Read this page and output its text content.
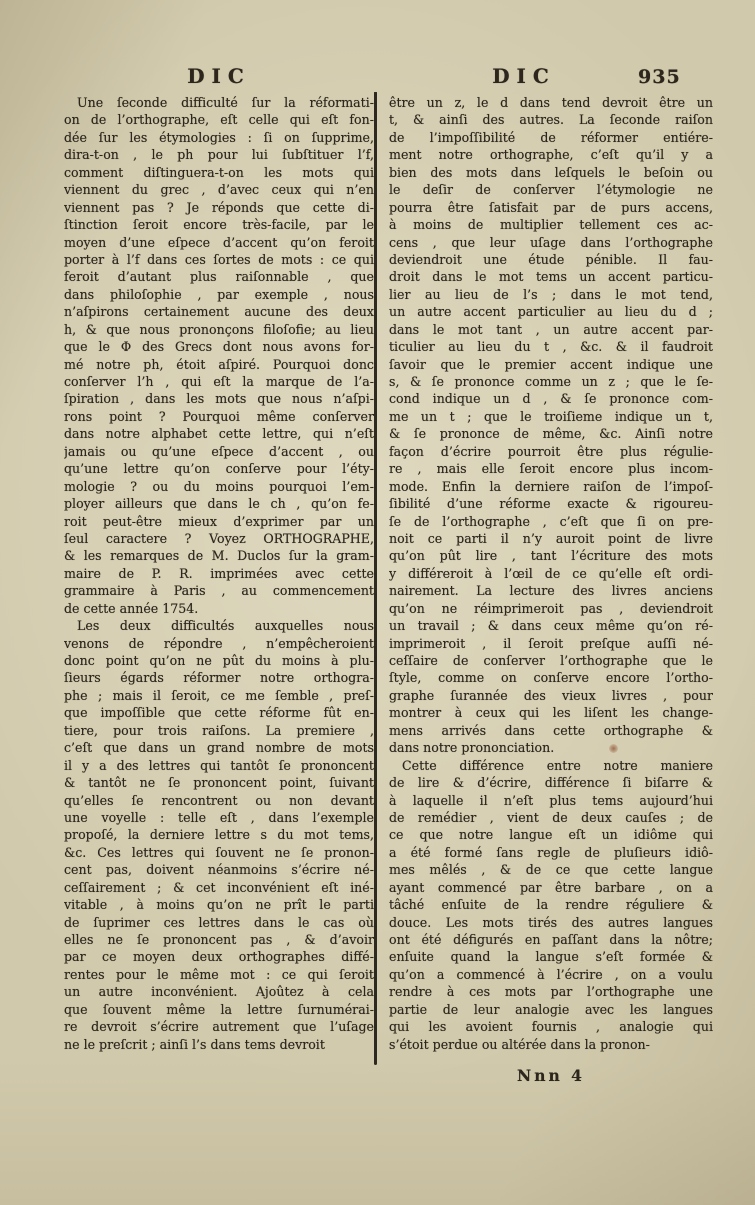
DIC	DIC	935
Une ſeconde difficulté ſur la réformati-
on de l’orthographe, eſt celle qui eſt fon-
dée ſur les étymologies : ſi on ſupprime,
dira-t-on , le ph pour lui ſubſtituer l’f,
comment diſtinguera-t-on les mots qui
viennent du grec , d’avec ceux qui n’en
viennent pas ? Je réponds que cette di-
ſtinction ſeroit encore très-facile, par le
moyen d’une eſpece d’accent qu’on feroit
porter à l’f dans ces ſortes de mots : ce qui
feroit d’autant plus raiſonnable , que
dans philoſophie , par exemple , nous
n’aſpirons certainement aucune des deux
h, & que nous prononçons filoſofie; au lieu
que le Φ des Grecs dont nous avons for-
mé notre ph, étoit aſpiré. Pourquoi donc
conſerver l’h , qui eſt la marque de l’a-
ſpiration , dans les mots que nous n’aſpi-
rons point ? Pourquoi même conſerver
dans notre alphabet cette lettre, qui n’eſt
jamais ou qu’une eſpece d’accent , ou
qu’une lettre qu’on conſerve pour l’éty-
mologie ? ou du moins pourquoi l’em-
ployer ailleurs que dans le ch , qu’on fe-
roit peut-être mieux d’exprimer par un
ſeul caractere ? Voyez ORTHOGRAPHE,
& les remarques de M. Duclos ſur la gram-
maire de P. R. imprimées avec cette
grammaire à Paris , au commencement
de cette année 1754.
Les deux difficultés auxquelles nous
venons de répondre , n’empêcheroient
donc point qu’on ne pût du moins à plu-
ſieurs égards réformer notre orthogra-
phe ; mais il ſeroit, ce me ſemble , preſ-
que impoſſible que cette réforme fût en-
tiere, pour trois raiſons. La premiere ,
c’eſt que dans un grand nombre de mots
il y a des lettres qui tantôt ſe prononcent
& tantôt ne ſe prononcent point, ſuivant
qu’elles ſe rencontrent ou non devant
une voyelle : telle eſt , dans l’exemple
propoſé, la derniere lettre s du mot tems,
&c. Ces lettres qui ſouvent ne ſe pronon-
cent pas, doivent néanmoins s’écrire né-
ceſſairement ; & cet inconvénient eſt iné-
vitable , à moins qu’on ne prît le parti
de ſuprimer ces lettres dans le cas où
elles ne ſe prononcent pas , & d’avoir
par ce moyen deux orthographes diffé-
rentes pour le même mot : ce qui ſeroit
un autre inconvénient. Ajoûtez à cela
que ſouvent même la lettre ſurnumérai-
re devroit s’écrire autrement que l’uſage
ne le preſcrit ; ainſi l’s dans tems devroit
être un z, le d dans tend devroit être un
t, & ainſi des autres. La ſeconde raiſon
de l’impoſſibilité de réformer entiére-
ment notre orthographe, c’eſt qu’il y a
bien des mots dans leſquels le beſoin ou
le deſir de conſerver l’étymologie ne
pourra être ſatisfait par de purs accens,
à moins de multiplier tellement ces ac-
cens , que leur uſage dans l’orthographe
deviendroit une étude pénible. Il fau-
droit dans le mot tems un accent particu-
lier au lieu de l’s ; dans le mot tend,
un autre accent particulier au lieu du d ;
dans le mot tant , un autre accent par-
ticulier au lieu du t , &c. & il faudroit
ſavoir que le premier accent indique une
s, & ſe prononce comme un z ; que le ſe-
cond indique un d , & ſe prononce com-
me un t ; que le troiſieme indique un t,
& ſe prononce de même, &c. Ainſi notre
façon d’écrire pourroit être plus régulie-
re , mais elle ſeroit encore plus incom-
mode. Enfin la derniere raiſon de l’impoſ-
ſibilité d’une réforme exacte & rigoureu-
ſe de l’orthographe , c’eſt que ſi on pre-
noit ce parti il n’y auroit point de livre
qu’on pût lire , tant l’écriture des mots
y différeroit à l’œil de ce qu’elle eſt ordi-
nairement. La lecture des livres anciens
qu’on ne réimprimeroit pas , deviendroit
un travail ; & dans ceux même qu’on ré-
imprimeroit , il ſeroit preſque auſſi né-
ceſſaire de conſerver l’orthographe que le
ſtyle, comme on conſerve encore l’ortho-
graphe ſurannée des vieux livres , pour
montrer à ceux qui les liſent les change-
mens arrivés dans cette orthographe &
dans notre prononciation.
Cette différence entre notre maniere
de lire & d’écrire, différence ſi biſarre &
à laquelle il n’eſt plus tems aujourd’hui
de remédier , vient de deux cauſes ; de
ce que notre langue eſt un idiôme qui
a été formé ſans regle de pluſieurs idiô-
mes mêlés , & de ce que cette langue
ayant commencé par être barbare , on a
tâché enſuite de la rendre réguliere &
douce. Les mots tirés des autres langues
ont été défigurés en paſſant dans la nôtre;
enſuite quand la langue s’eſt formée &
qu’on a commencé à l’écrire , on a voulu
rendre à ces mots par l’orthographe une
partie de leur analogie avec les langues
qui les avoient fournis , analogie qui
s’étoit perdue ou altérée dans la pronon-
Nnn 4
